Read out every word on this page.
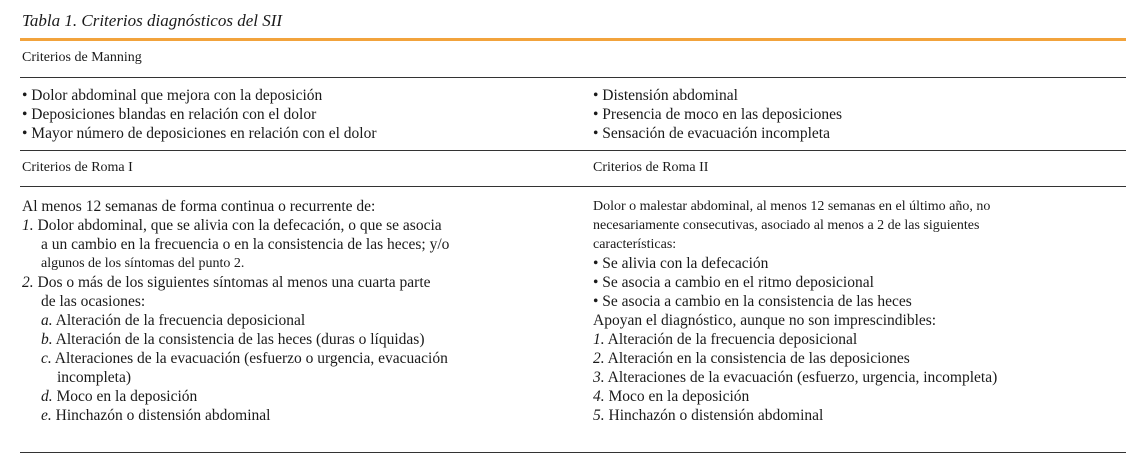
Tabla 1. Criterios diagnósticos del SII
Criterios de Manning
• Dolor abdominal que mejora con la deposición
• Deposiciones blandas en relación con el dolor
• Mayor número de deposiciones en relación con el dolor
• Distensión abdominal
• Presencia de moco en las deposiciones
• Sensación de evacuación incompleta
Criterios de Roma I	Criterios de Roma II
Al menos 12 semanas de forma continua o recurrente de:
1. Dolor abdominal, que se alivia con la defecación, o que se asocia
a un cambio en la frecuencia o en la consistencia de las heces; y/o
algunos de los síntomas del punto 2.
2. Dos o más de los siguientes síntomas al menos una cuarta parte
de las ocasiones:
a. Alteración de la frecuencia deposicional
b. Alteración de la consistencia de las heces (duras o líquidas)
c. Alteraciones de la evacuación (esfuerzo o urgencia, evacuación
incompleta)
d. Moco en la deposición
e. Hinchazón o distensión abdominal
Dolor o malestar abdominal, al menos 12 semanas en el último año, no
necesariamente consecutivas, asociado al menos a 2 de las siguientes
características:
• Se alivia con la defecación
• Se asocia a cambio en el ritmo deposicional
• Se asocia a cambio en la consistencia de las heces
Apoyan el diagnóstico, aunque no son imprescindibles:
1. Alteración de la frecuencia deposicional
2. Alteración en la consistencia de las deposiciones
3. Alteraciones de la evacuación (esfuerzo, urgencia, incompleta)
4. Moco en la deposición
5. Hinchazón o distensión abdominal
